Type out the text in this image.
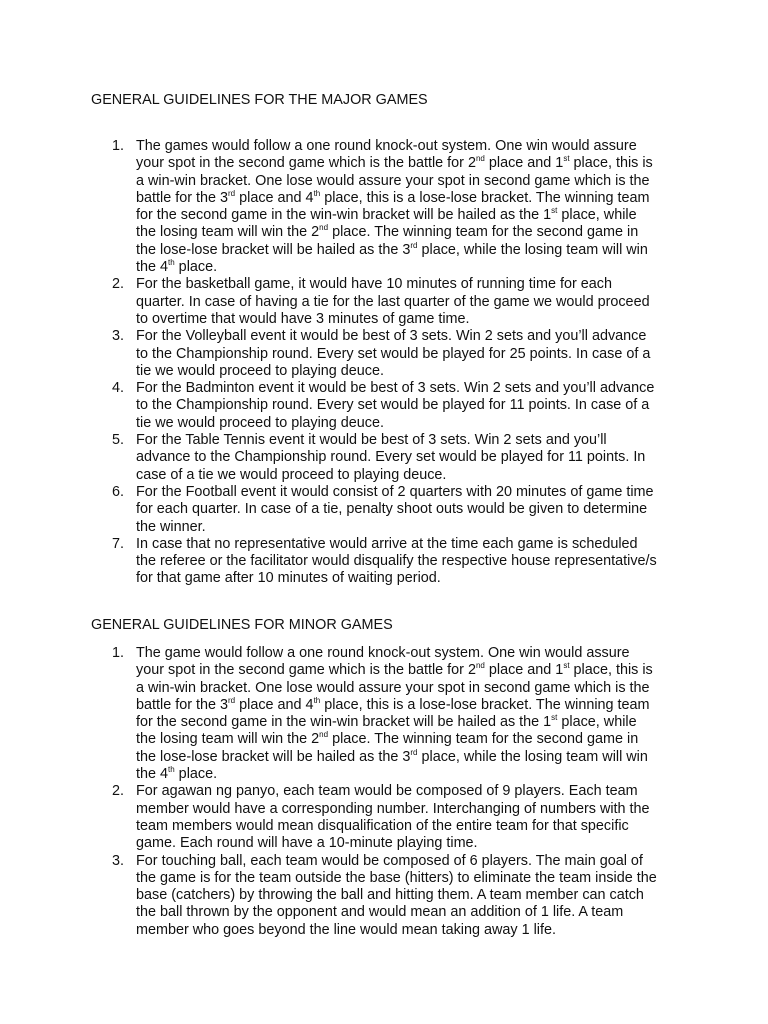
GENERAL GUIDELINES FOR THE MAJOR GAMES
1. The games would follow a one round knock-out system. One win would assure your spot in the second game which is the battle for 2nd place and 1st place, this is a win-win bracket. One lose would assure your spot in second game which is the battle for the 3rd place and 4th place, this is a lose-lose bracket. The winning team for the second game in the win-win bracket will be hailed as the 1st place, while the losing team will win the 2nd place. The winning team for the second game in the lose-lose bracket will be hailed as the 3rd place, while the losing team will win the 4th place.
2. For the basketball game, it would have 10 minutes of running time for each quarter. In case of having a tie for the last quarter of the game we would proceed to overtime that would have 3 minutes of game time.
3. For the Volleyball event it would be best of 3 sets. Win 2 sets and you’ll advance to the Championship round. Every set would be played for 25 points. In case of a tie we would proceed to playing deuce.
4. For the Badminton event it would be best of 3 sets. Win 2 sets and you’ll advance to the Championship round. Every set would be played for 11 points. In case of a tie we would proceed to playing deuce.
5. For the Table Tennis event it would be best of 3 sets. Win 2 sets and you’ll advance to the Championship round. Every set would be played for 11 points. In case of a tie we would proceed to playing deuce.
6. For the Football event it would consist of 2 quarters with 20 minutes of game time for each quarter. In case of a tie, penalty shoot outs would be given to determine the winner.
7. In case that no representative would arrive at the time each game is scheduled the referee or the facilitator would disqualify the respective house representative/s for that game after 10 minutes of waiting period.
GENERAL GUIDELINES FOR MINOR GAMES
1. The game would follow a one round knock-out system. One win would assure your spot in the second game which is the battle for 2nd place and 1st place, this is a win-win bracket. One lose would assure your spot in second game which is the battle for the 3rd place and 4th place, this is a lose-lose bracket. The winning team for the second game in the win-win bracket will be hailed as the 1st place, while the losing team will win the 2nd place. The winning team for the second game in the lose-lose bracket will be hailed as the 3rd place, while the losing team will win the 4th place.
2. For agawan ng panyo, each team would be composed of 9 players. Each team member would have a corresponding number. Interchanging of numbers with the team members would mean disqualification of the entire team for that specific game. Each round will have a 10-minute playing time.
3. For touching ball, each team would be composed of 6 players. The main goal of the game is for the team outside the base (hitters) to eliminate the team inside the base (catchers) by throwing the ball and hitting them. A team member can catch the ball thrown by the opponent and would mean an addition of 1 life. A team member who goes beyond the line would mean taking away 1 life.
